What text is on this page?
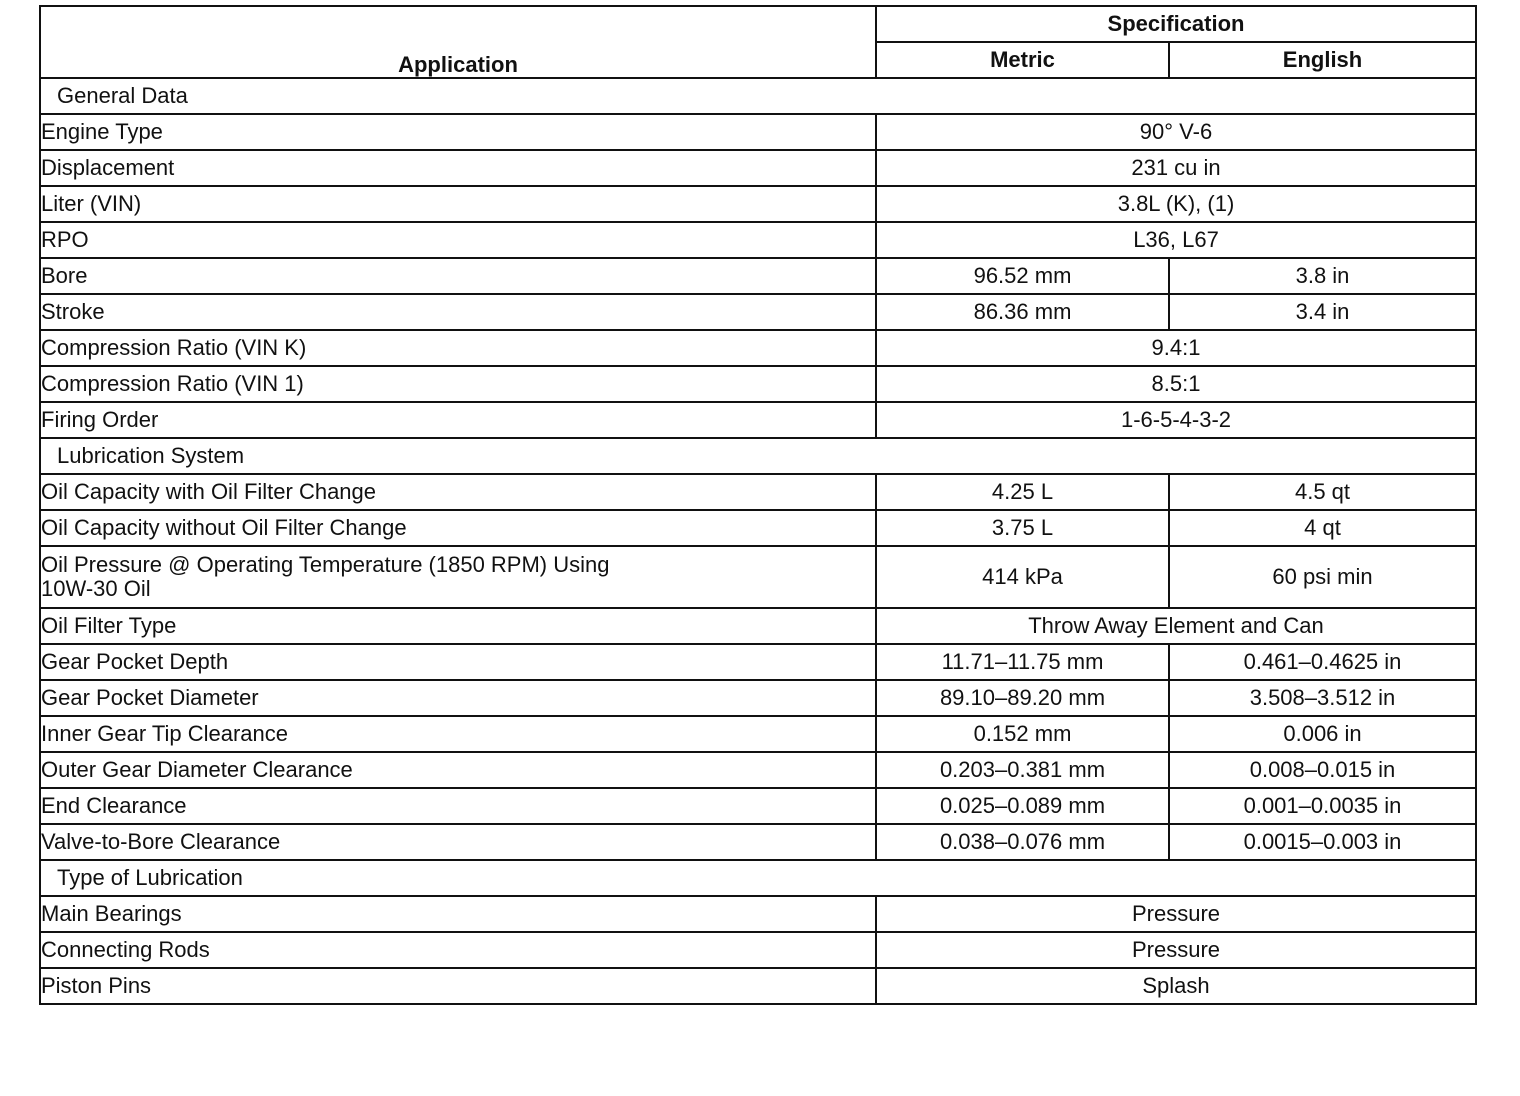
Application	Specification	
	Metric	English
General Data		
Engine Type	90° V-6	
Displacement	231 cu in	
Liter (VIN)	3.8L (K), (1)	
RPO	L36, L67	
Bore	96.52 mm	3.8 in
Stroke	86.36 mm	3.4 in
Compression Ratio (VIN K)	9.4:1	
Compression Ratio (VIN 1)	8.5:1	
Firing Order	1-6-5-4-3-2	
Lubrication System		
Oil Capacity with Oil Filter Change	4.25 L	4.5 qt
Oil Capacity without Oil Filter Change	3.75 L	4 qt

Oil Pressure @ Operating Temperature (1850 RPM) Using
10W-30 Oil	414 kPa	60 psi min
Oil Filter Type	Throw Away Element and Can	
Gear Pocket Depth	11.71–11.75 mm	0.461–0.4625 in
Gear Pocket Diameter	89.10–89.20 mm	3.508–3.512 in
Inner Gear Tip Clearance	0.152 mm	0.006 in
Outer Gear Diameter Clearance	0.203–0.381 mm	0.008–0.015 in
End Clearance	0.025–0.089 mm	0.001–0.0035 in
Valve-to-Bore Clearance	0.038–0.076 mm	0.0015–0.003 in
Type of Lubrication		
Main Bearings	Pressure	
Connecting Rods	Pressure	
Piston Pins	Splash	
